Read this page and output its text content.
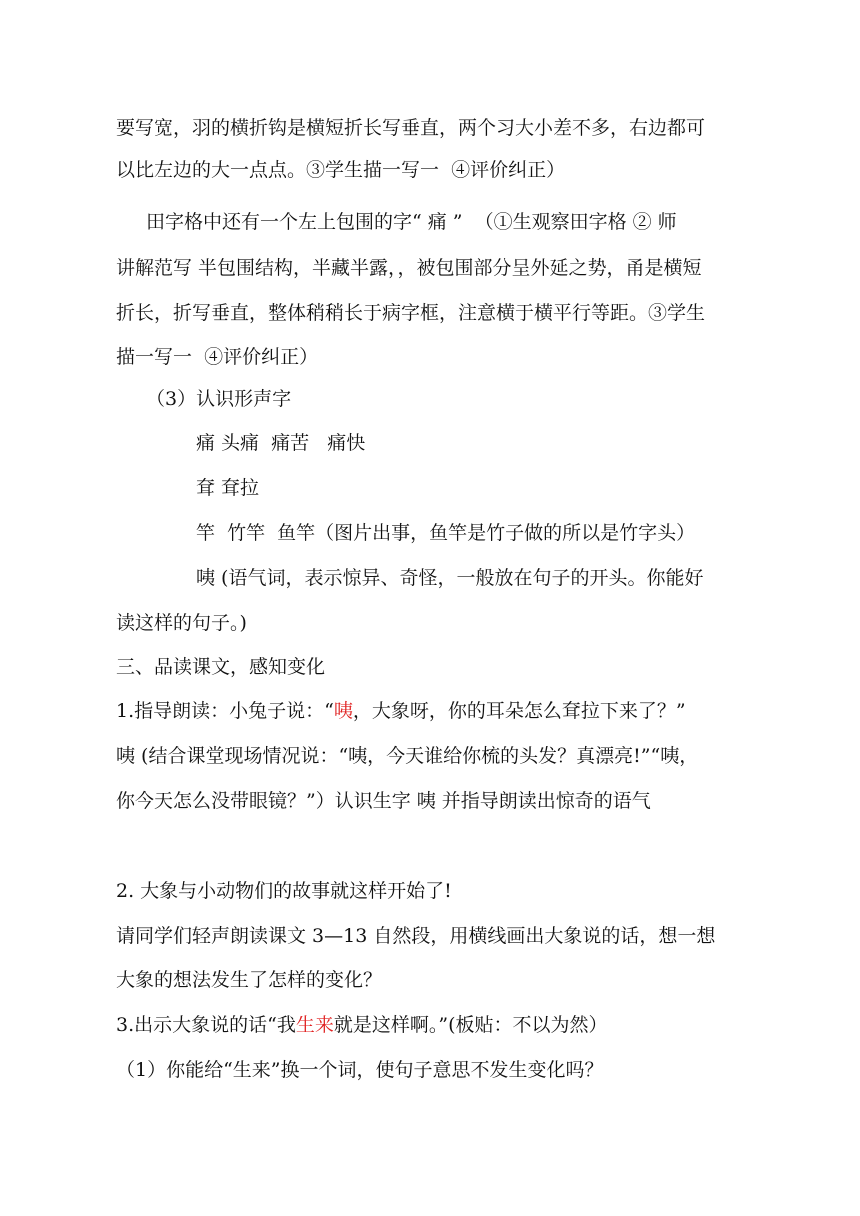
要写宽，羽的横折钩是横短折长写垂直，两个习大小差不多，右边都可
以比左边的大一点点。③学生描一写一  ④评价纠正）
田字格中还有一个左上包围的字“ 痛 ”  （①生观察田字格 ② 师
讲解范写 半包围结构，半藏半露，，被包围部分呈外延之势，甬是横短
折长，折写垂直，整体稍稍长于病字框，注意横于横平行等距。③学生
描一写一  ④评价纠正）
（3）认识形声字
痛 头痛  痛苦   痛快
耷 耷拉
竿  竹竿  鱼竿（图片出事，鱼竿是竹子做的所以是竹字头）
咦 (语气词，表示惊异、奇怪，一般放在句子的开头。你能好
读这样的句子。)
三、品读课文，感知变化
1.指导朗读：小兔子说：“咦，大象呀，你的耳朵怎么耷拉下来了？”
咦 (结合课堂现场情况说：“咦，今天谁给你梳的头发？真漂亮!”“咦，
你今天怎么没带眼镜？”）认识生字 咦 并指导朗读出惊奇的语气
2. 大象与小动物们的故事就这样开始了!
请同学们轻声朗读课文 3—13 自然段，用横线画出大象说的话，想一想
大象的想法发生了怎样的变化？
3.出示大象说的话“我生来就是这样啊。”(板贴：不以为然）
（1）你能给“生来”换一个词，使句子意思不发生变化吗？
